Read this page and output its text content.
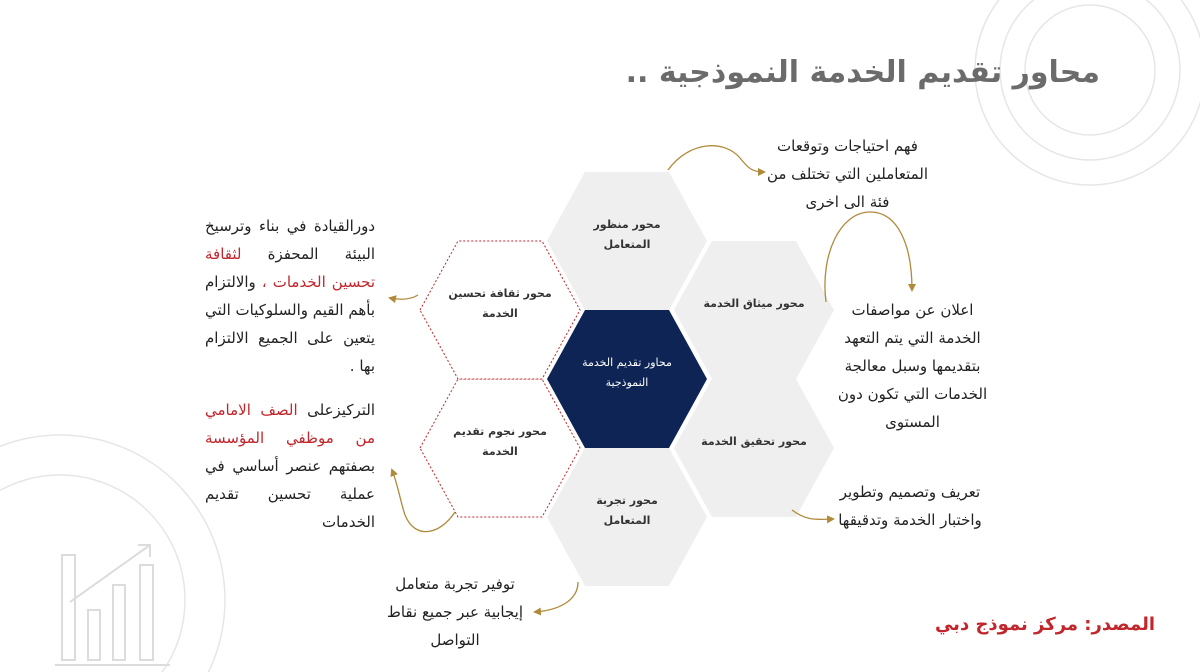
محاور تقديم الخدمة النموذجية ..
محور منظور المتعامل
محور ميثاق الخدمة
محور تحقيق الخدمة
محور تجربة المتعامل
محور نجوم تقديم الخدمة
محور ثقافة تحسين الخدمة
محاور تقديم الخدمة النموذجية
دورالقيادة في بناء وترسيخ البيئة المحفزة لثقافة تحسين الخدمات ، والالتزام بأهم القيم والسلوكيات التي يتعين على الجميع الالتزام بها .
التركيزعلى الصف الامامي من موظفي المؤسسة بصفتهم عنصر أساسي في عملية تحسين تقديم الخدمات
فهم احتياجات وتوقعات المتعاملين التي تختلف من فئة الى اخرى
اعلان عن مواصفات الخدمة التي يتم التعهد بتقديمها وسبل معالجة الخدمات التي تكون دون المستوى
تعريف وتصميم وتطوير واختبار الخدمة وتدقيقها
توفير تجربة متعامل إيجابية عبر جميع نقاط التواصل
المصدر: مركز نموذج دبي
